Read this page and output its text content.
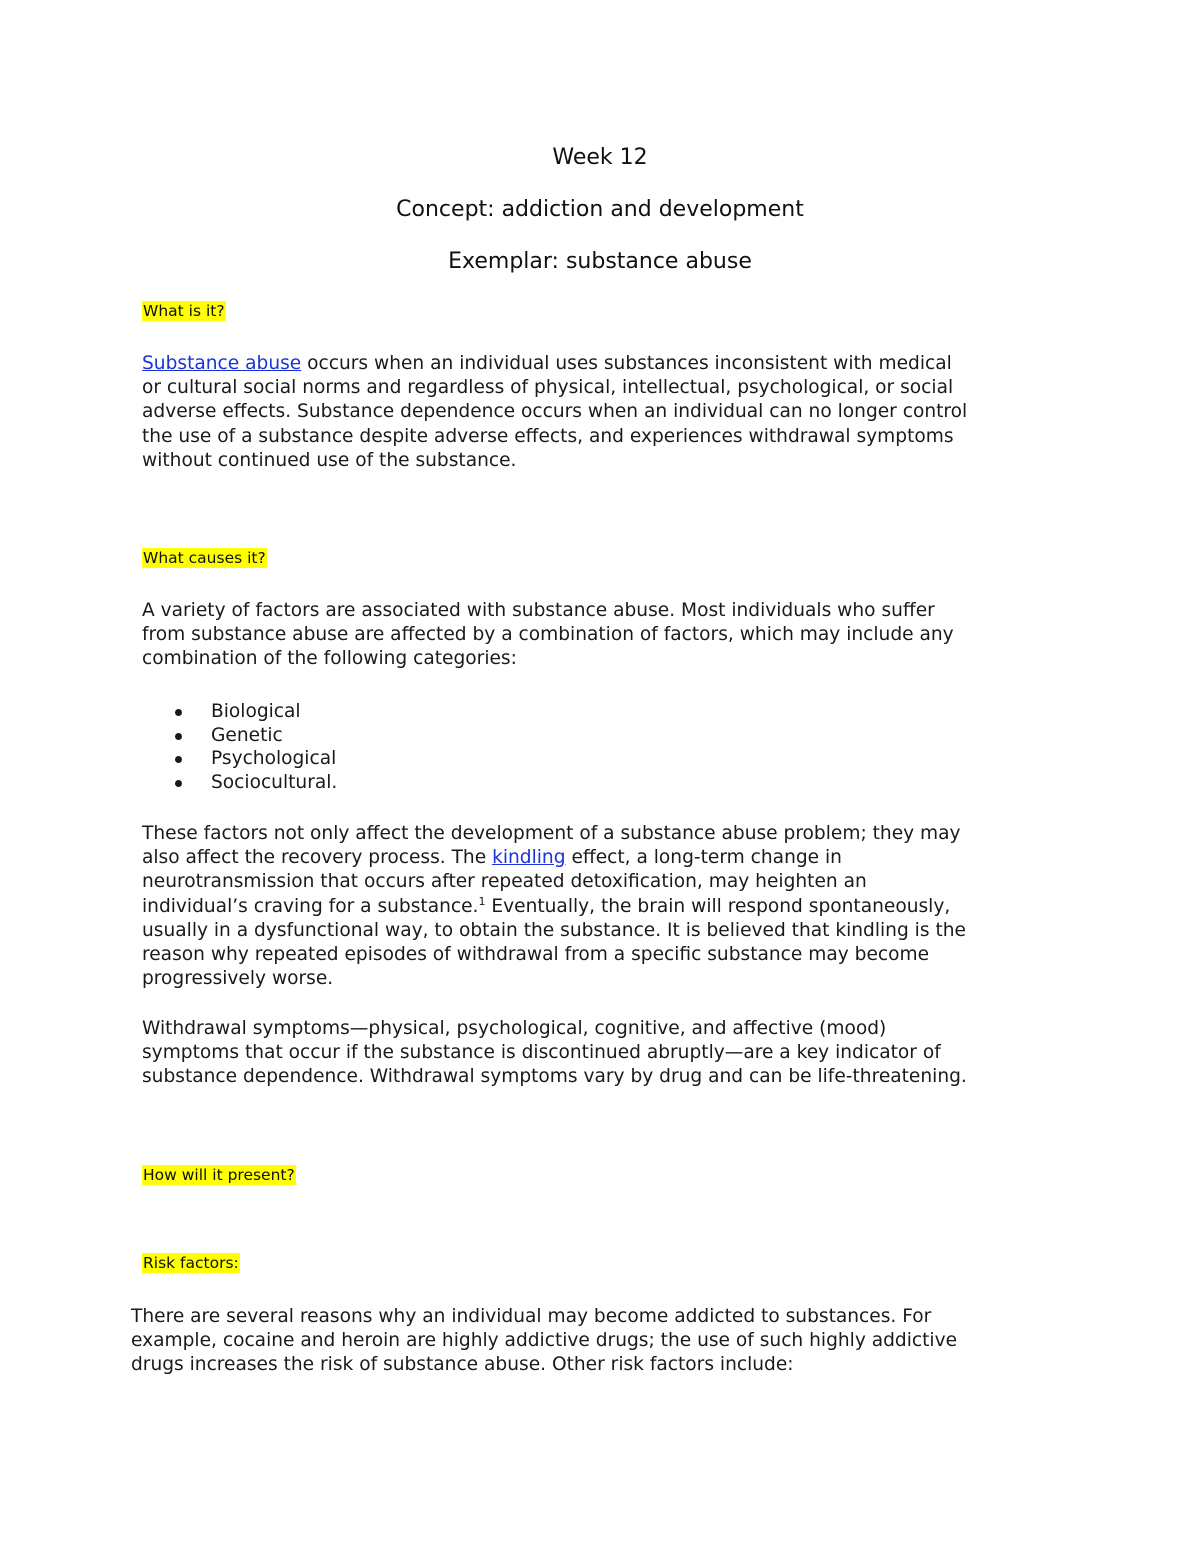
Week 12
Concept: addiction and development
Exemplar: substance abuse
What is it?
Substance abuse occurs when an individual uses substances inconsistent with medical
or cultural social norms and regardless of physical, intellectual, psychological, or social
adverse effects. Substance dependence occurs when an individual can no longer control
the use of a substance despite adverse effects, and experiences withdrawal symptoms
without continued use of the substance.
What causes it?
A variety of factors are associated with substance abuse. Most individuals who suffer
from substance abuse are affected by a combination of factors, which may include any
combination of the following categories:
Biological
Genetic
Psychological
Sociocultural.
These factors not only affect the development of a substance abuse problem; they may
also affect the recovery process. The kindling effect, a long-term change in
neurotransmission that occurs after repeated detoxification, may heighten an
individual’s craving for a substance.$^1$ Eventually, the brain will respond spontaneously,
usually in a dysfunctional way, to obtain the substance. It is believed that kindling is the
reason why repeated episodes of withdrawal from a specific substance may become
progressively worse.
Withdrawal symptoms—physical, psychological, cognitive, and affective (mood)
symptoms that occur if the substance is discontinued abruptly—are a key indicator of
substance dependence. Withdrawal symptoms vary by drug and can be life-threatening.
How will it present?
Risk factors:
There are several reasons why an individual may become addicted to substances. For
example, cocaine and heroin are highly addictive drugs; the use of such highly addictive
drugs increases the risk of substance abuse. Other risk factors include:
